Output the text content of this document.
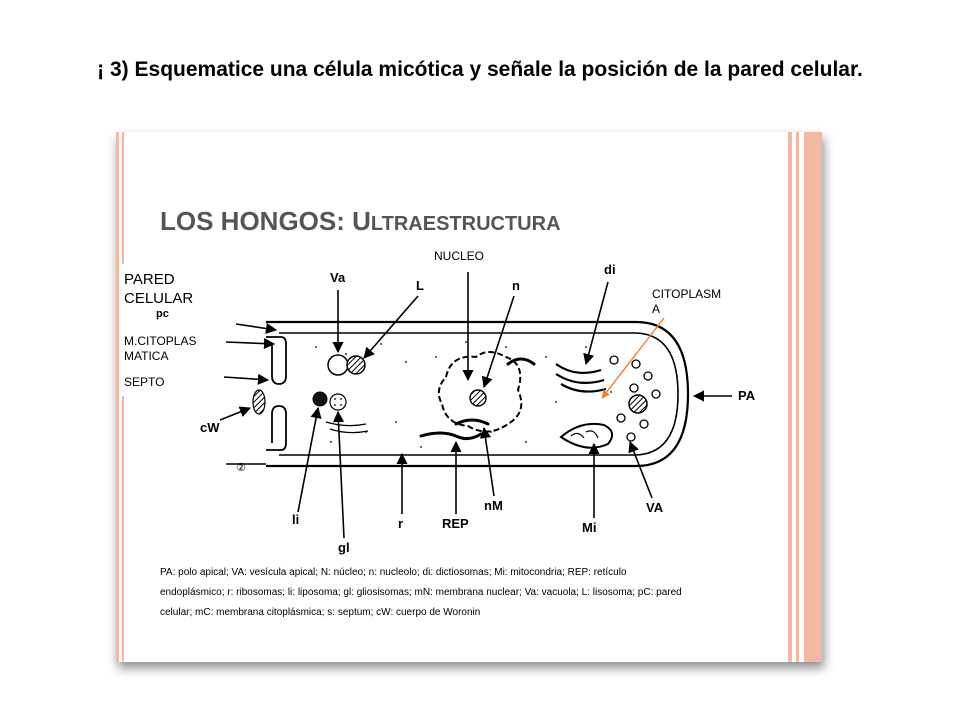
¡ 3) Esquematice una célula micótica y señale la posición de la pared celular.
LOS HONGOS: ULTRAESTRUCTURA
PARED
CELULAR
pc
M.CITOPLAS
MATICA
SEPTO
cW
②
Va
L
NUCLEO
n
di
CITOPLASM
A
PA
li
gl
r	REP
nM
Mi
VA
PA: polo apical; VA: vesícula apical; N: núcleo; n: nucleolo; di: dictiosomas; Mi: mitocondria; REP: retículo
endoplásmico; r: ribosomas; li: liposoma; gl: gliosisomas; mN: membrana nuclear; Va: vacuola; L: lisosoma; pC: pared
celular; mC: membrana citoplásmica; s: septum; cW: cuerpo de Woronin
